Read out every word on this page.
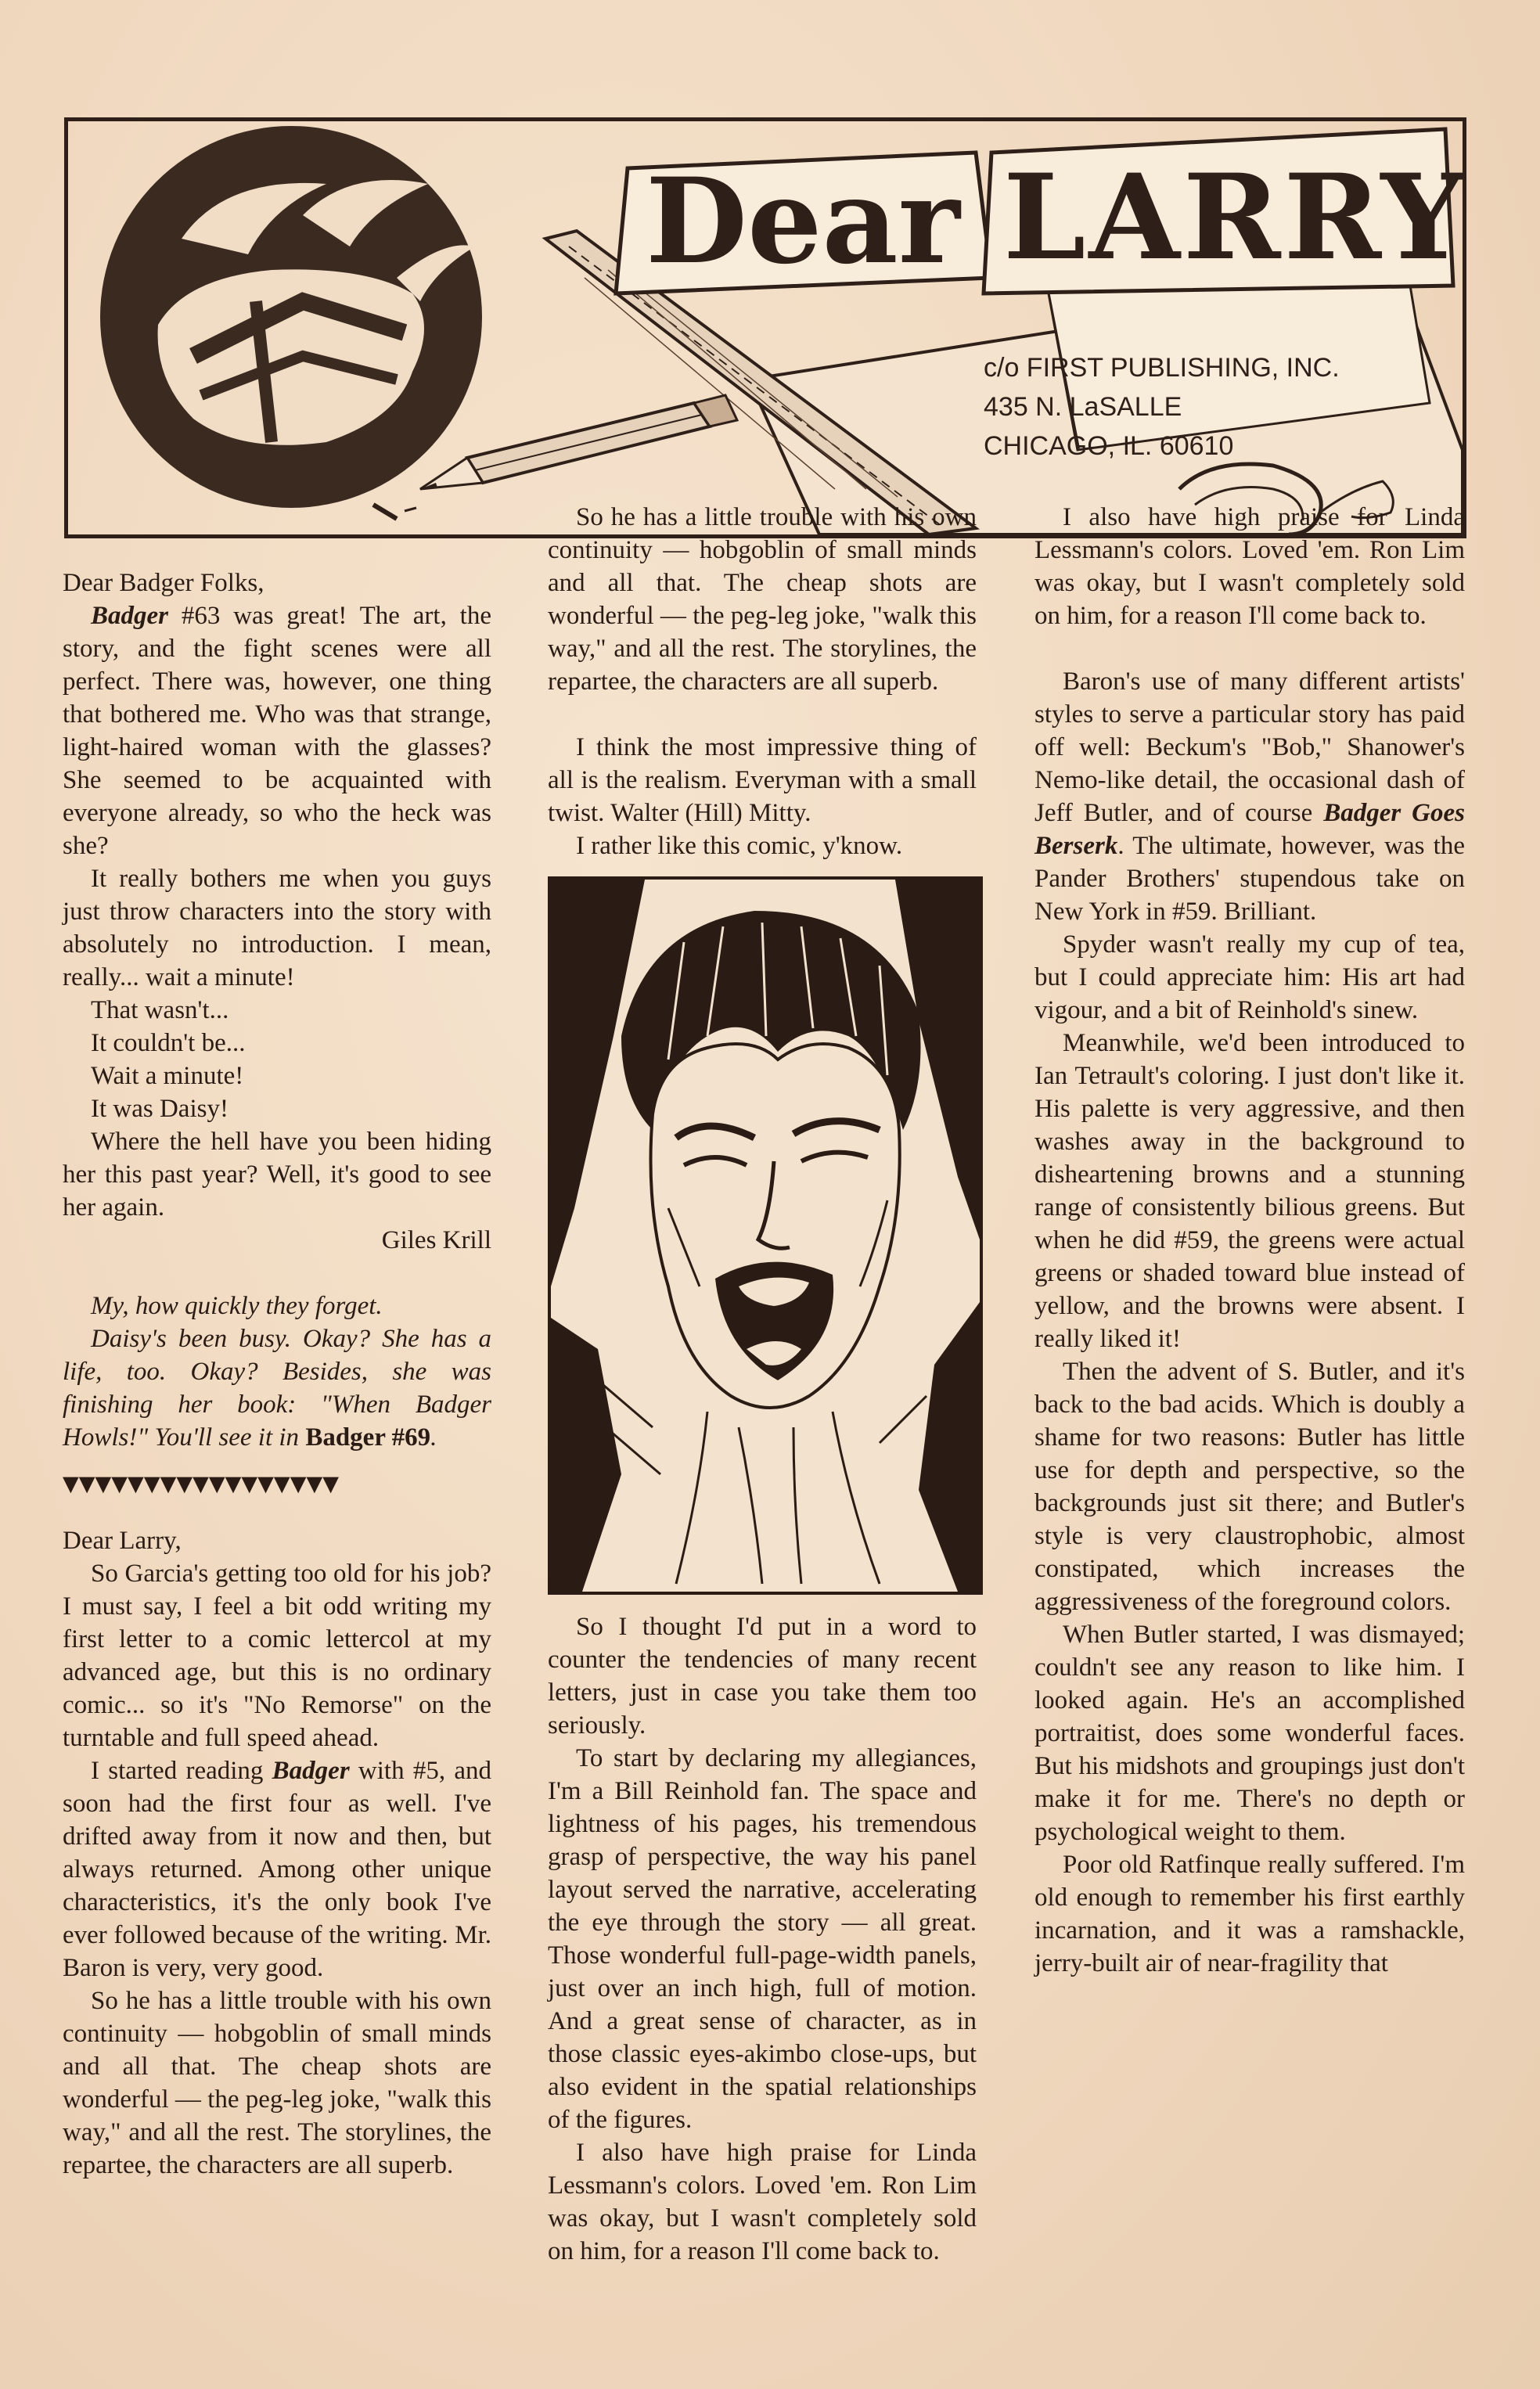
Dear LARRY
c/o FIRST PUBLISHING, INC.
435 N. LaSALLE
CHICAGO, IL. 60610

Dear Badger Folks,

Badger #63 was great! The art, the story, and the fight scenes were all perfect. There was, however, one thing that bothered me. Who was that strange, light-haired woman with the glasses? She seemed to be acquainted with everyone already, so who the heck was she?

It really bothers me when you guys just throw characters into the story with absolutely no introduction. I mean, really... wait a minute!

That wasn't...

It couldn't be...

Wait a minute!

It was Daisy!

Where the hell have you been hiding her this past year? Well, it's good to see her again.

Giles Krill

My, how quickly they forget.

Daisy's been busy. Okay? She has a life, too. Okay? Besides, she was finishing her book: "When Badger Howls!" You'll see it in Badger #69.

▼▼▼▼▼▼▼▼▼▼▼▼▼▼▼▼▼

Dear Larry,

So Garcia's getting too old for his job? I must say, I feel a bit odd writing my first letter to a comic lettercol at my advanced age, but this is no ordinary comic... so it's "No Remorse" on the turntable and full speed ahead.

I started reading Badger with #5, and soon had the first four as well. I've drifted away from it now and then, but always returned. Among other unique characteristics, it's the only book I've ever followed because of the writing. Mr. Baron is very, very good.

So he has a little trouble with his own continuity — hobgoblin of small minds and all that. The cheap shots are wonderful — the peg-leg joke, "walk this way," and all the rest. The storylines, the repartee, the characters are all superb.

So he has a little trouble with his own continuity — hobgoblin of small minds and all that. The cheap shots are wonderful — the peg-leg joke, "walk this way," and all the rest. The storylines, the repartee, the characters are all superb.

I think the most impressive thing of all is the realism. Everyman with a small twist. Walter (Hill) Mitty.

I rather like this comic, y'know.

So I thought I'd put in a word to counter the tendencies of many recent letters, just in case you take them too seriously.

To start by declaring my allegiances, I'm a Bill Reinhold fan. The space and lightness of his pages, his tremendous grasp of perspective, the way his panel layout served the narrative, accelerating the eye through the story — all great. Those wonderful full-page-width panels, just over an inch high, full of motion. And a great sense of character, as in those classic eyes-akimbo close-ups, but also evident in the spatial relationships of the figures.

I also have high praise for Linda Lessmann's colors. Loved 'em. Ron Lim was okay, but I wasn't completely sold on him, for a reason I'll come back to.

I also have high praise for Linda Lessmann's colors. Loved 'em. Ron Lim was okay, but I wasn't completely sold on him, for a reason I'll come back to.

Baron's use of many different artists' styles to serve a particular story has paid off well: Beckum's "Bob," Shanower's Nemo-like detail, the occasional dash of Jeff Butler, and of course Badger Goes Berserk. The ultimate, however, was the Pander Brothers' stupendous take on New York in #59. Brilliant.

Spyder wasn't really my cup of tea, but I could appreciate him: His art had vigour, and a bit of Reinhold's sinew.

Meanwhile, we'd been introduced to Ian Tetrault's coloring. I just don't like it. His palette is very aggressive, and then washes away in the background to disheartening browns and a stunning range of consistently bilious greens. But when he did #59, the greens were actual greens or shaded toward blue instead of yellow, and the browns were absent. I really liked it!

Then the advent of S. Butler, and it's back to the bad acids. Which is doubly a shame for two reasons: Butler has little use for depth and perspective, so the backgrounds just sit there; and Butler's style is very claustrophobic, almost constipated, which increases the aggressiveness of the foreground colors.

When Butler started, I was dismayed; couldn't see any reason to like him. I looked again. He's an accomplished portraitist, does some wonderful faces. But his midshots and groupings just don't make it for me. There's no depth or psychological weight to them.

Poor old Ratfinque really suffered. I'm old enough to remember his first earthly incarnation, and it was a ramshackle, jerry-built air of near-fragility that
